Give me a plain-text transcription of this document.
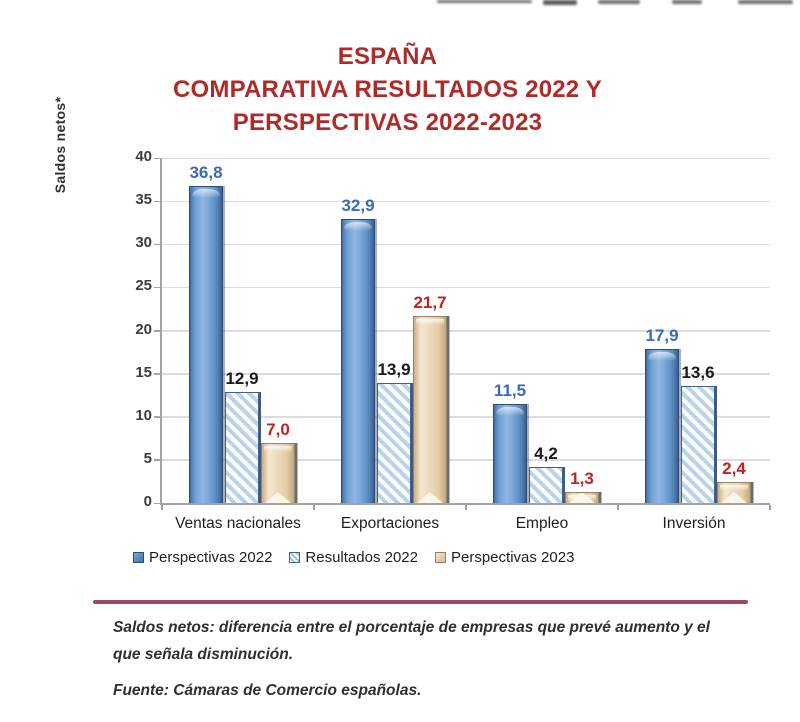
ESPAÑA
COMPARATIVA RESULTADOS 2022 Y
PERSPECTIVAS 2022-2023
Saldos netos*
0
5
10
15
20
25
30
35
40
36,8
12,9
7,0
Ventas nacionales
32,9
13,9
21,7
Exportaciones
11,5
4,2
1,3
Empleo
17,9
13,6
2,4
Inversión
Perspectivas 2022 Resultados 2022 Perspectivas 2023
Saldos netos: diferencia entre el porcentaje de empresas que prevé aumento y el que señala disminución.
Fuente: Cámaras de Comercio españolas.
